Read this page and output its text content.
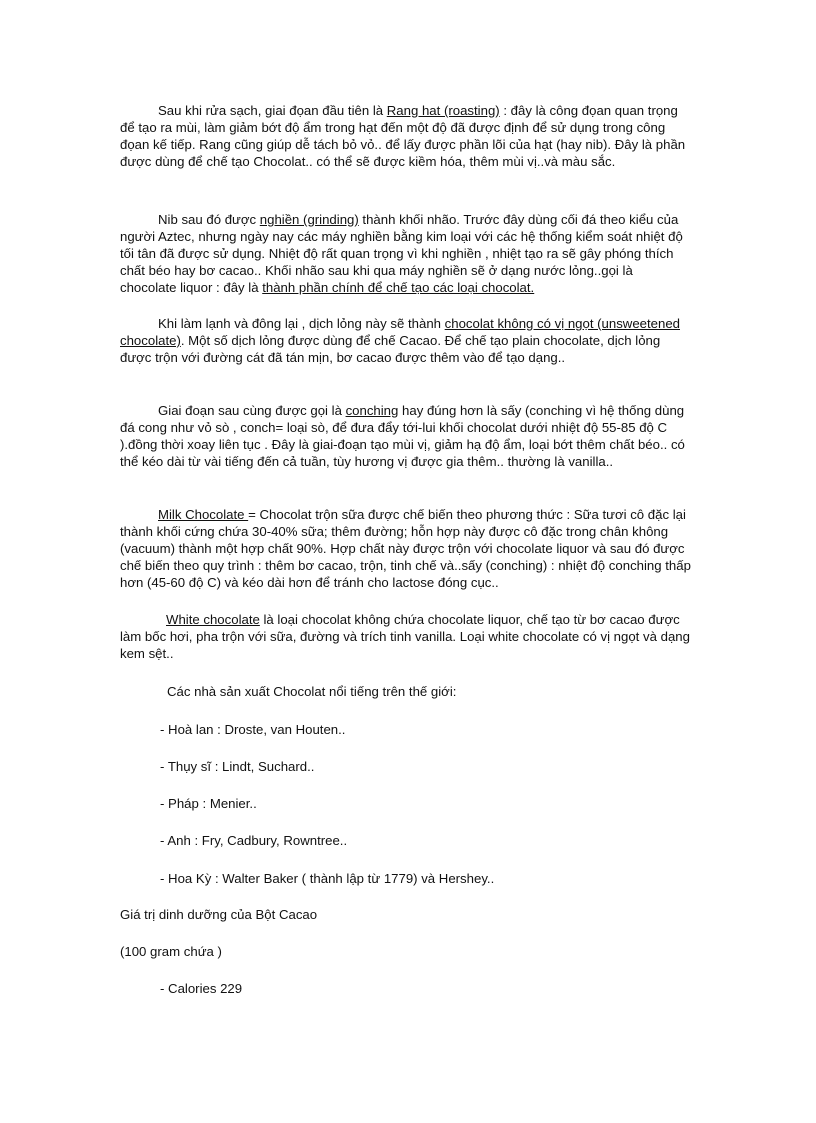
Sau khi rửa sạch, giai đọan đầu tiên là Rang hat (roasting) : đây là công đọan quan trọng để tạo ra mùi, làm giảm bớt độ ẩm trong hạt đến một độ đã được định để sử dụng trong công đọan kế tiếp. Rang cũng giúp dễ tách bỏ vỏ.. để lấy được phần lõi của hạt (hay nib). Đây là phần được dùng để chế tạo Chocolat.. có thể sẽ được kiềm hóa, thêm mùi vị..và màu sắc.

Nib sau đó được nghiền (grinding) thành khối nhão. Trước đây dùng cối đá theo kiểu của người Aztec, nhưng ngày nay các máy nghiền bằng kim loại với các hệ thống kiểm soát nhiệt độ tối tân đã được sử dụng. Nhiệt độ rất quan trọng vì khi nghiền , nhiệt tạo ra sẽ gây phóng thích chất béo hay bơ cacao.. Khối nhão sau khi qua máy nghiền sẽ ở dạng nước lỏng..gọi là chocolate liquor : đây là thành phần chính để chế tạo các loại chocolat.

Khi làm lạnh và đông lại , dịch lỏng này sẽ thành chocolat không có vị ngọt (unsweetened chocolate). Một số dịch lỏng được dùng để chế Cacao. Để chế tạo plain chocolate, dịch lỏng được trộn với đường cát đã tán mịn, bơ cacao được thêm vào để tạo dạng..

Giai đoạn sau cùng được gọi là conching hay đúng hơn là sấy (conching vì hệ thống dùng đá cong như vỏ sò , conch= loại sò, để đưa đẩy tới-lui khối chocolat dưới nhiệt độ 55-85 độ C ).đồng thời xoay liên tục . Đây là giai-đoạn tạo mùi vị, giảm hạ độ ẩm, loại bớt thêm chất béo.. có thể kéo dài từ vài tiếng đến cả tuần, tùy hương vị được gia thêm.. thường là vanilla..

Milk Chocolate = Chocolat trộn sữa được chế biến theo phương thức : Sữa tươi cô đặc lại thành khối cứng chứa 30-40% sữa; thêm đường; hỗn hợp này được cô đặc trong chân không (vacuum) thành một hợp chất 90%. Hợp chất này được trộn với chocolate liquor và sau đó được chế biến theo quy trình : thêm bơ cacao, trộn, tinh chế và..sấy (conching) : nhiệt độ conching thấp hơn (45-60 độ C) và kéo dài hơn để tránh cho lactose đóng cục..

White chocolate là loại chocolat không chứa chocolate liquor, chế tạo từ bơ cacao được làm bốc hơi, pha trộn với sữa, đường và trích tinh vanilla. Loại white chocolate có vị ngọt và dạng kem sệt..

Các nhà sản xuất Chocolat nổi tiếng trên thế giới:

- Hoà lan : Droste, van Houten..

- Thụy sĩ : Lindt, Suchard..

- Pháp : Menier..

- Anh : Fry, Cadbury, Rowntree..

- Hoa Kỳ : Walter Baker ( thành lập từ 1779) và Hershey..

Giá trị dinh dưỡng của Bột Cacao

(100 gram chứa )

- Calories 229
